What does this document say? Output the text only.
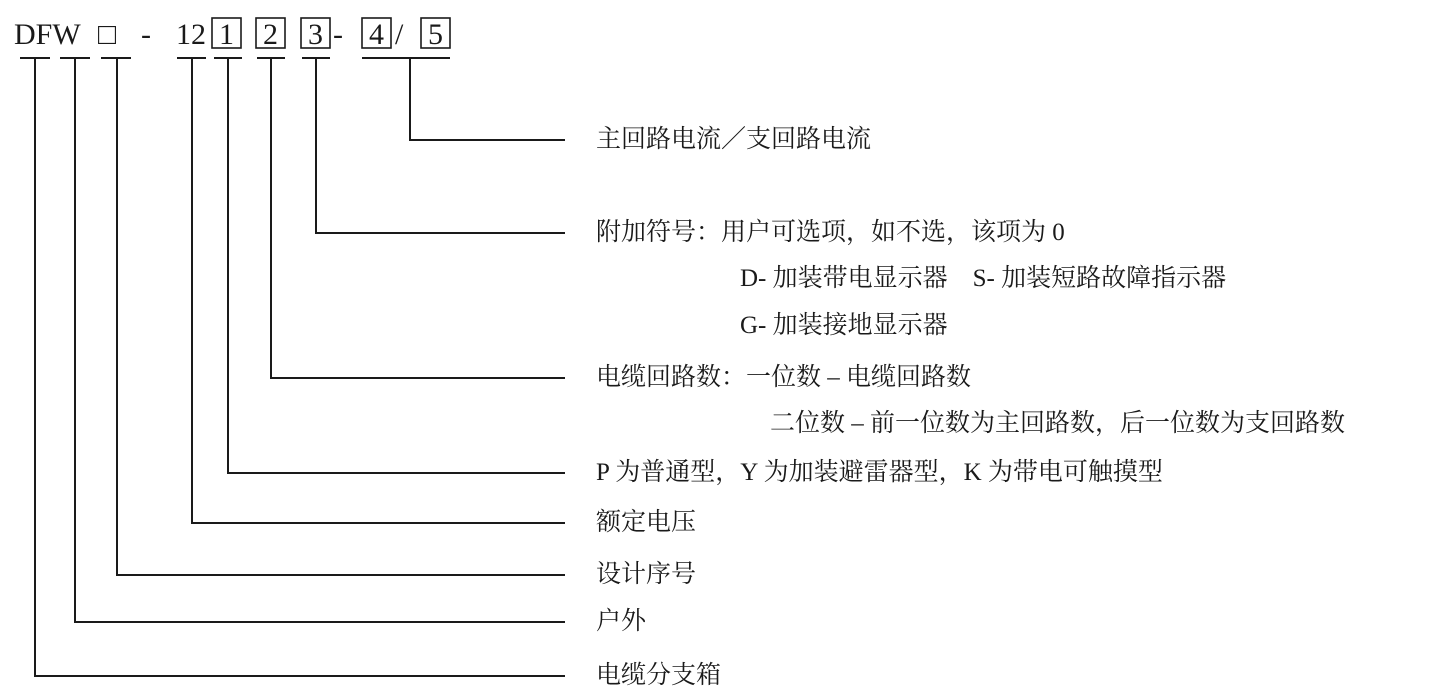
DFW □ - 12 1 2 3 - 4 / 5
主回路电流／支回路电流
附加符号：用户可选项，如不选，该项为 0
D- 加装带电显示器　S- 加装短路故障指示器
G- 加装接地显示器
电缆回路数：一位数 – 电缆回路数
二位数 – 前一位数为主回路数，后一位数为支回路数
P 为普通型，Y 为加装避雷器型，K 为带电可触摸型
额定电压
设计序号
户外
电缆分支箱
